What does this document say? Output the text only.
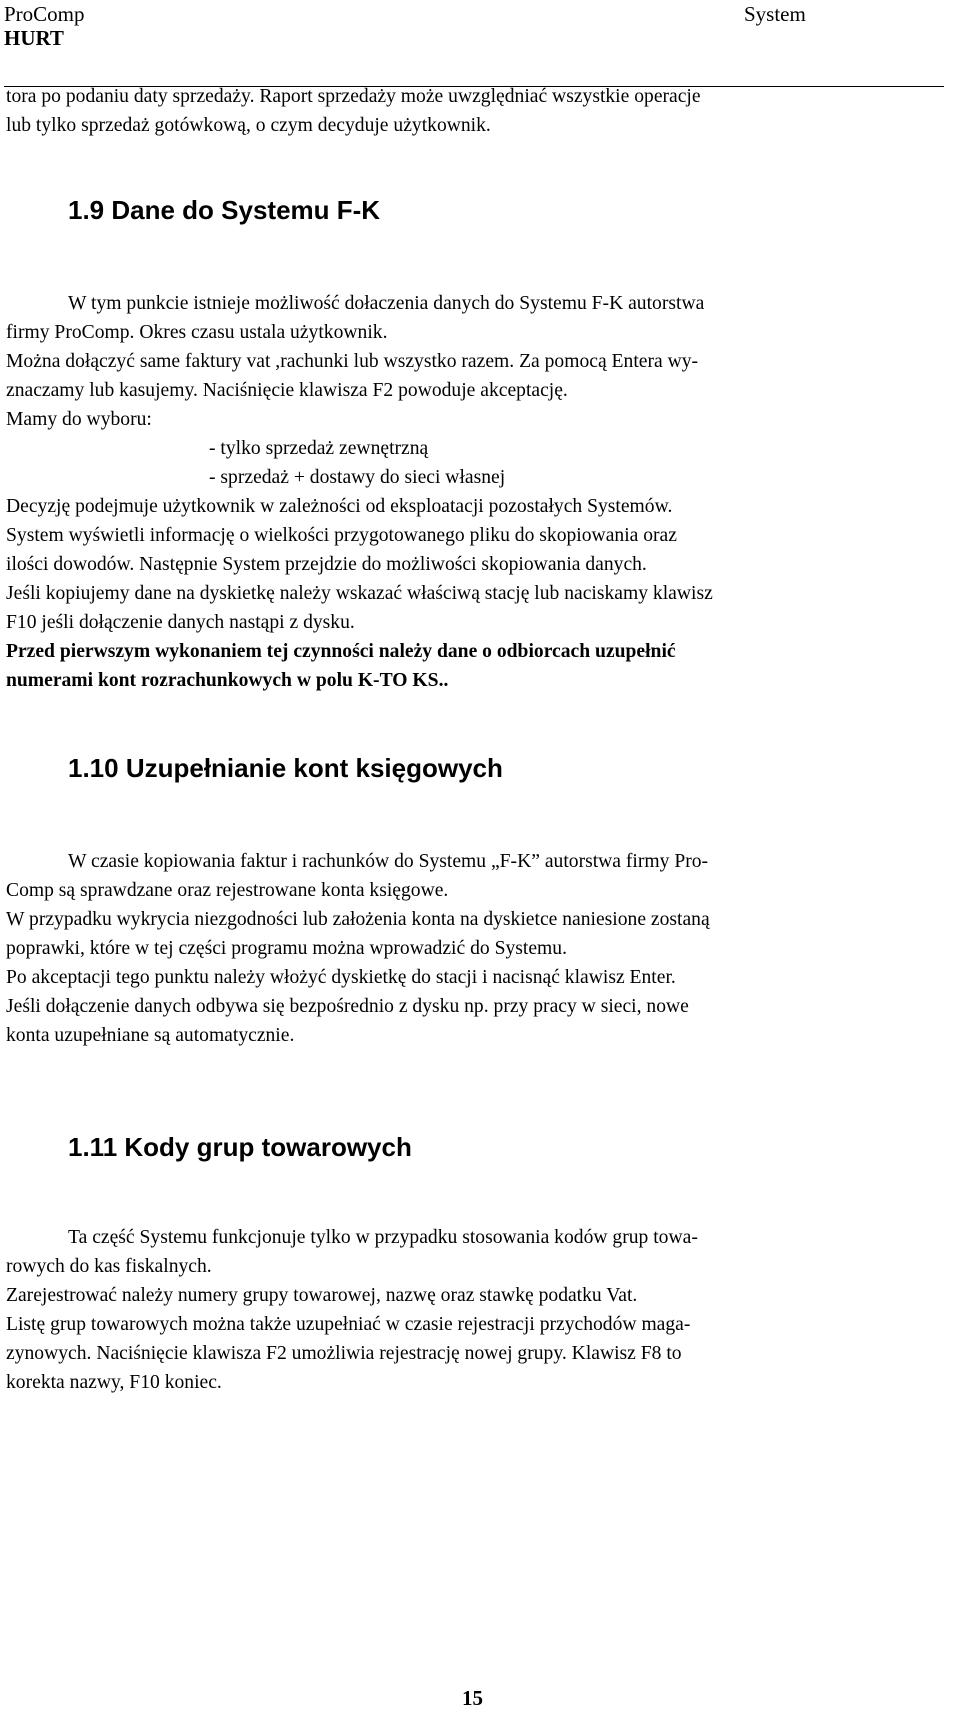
ProComp
HURT
System

tora po podaniu daty sprzedaży. Raport sprzedaży może uwzględniać wszystkie operacje

lub tylko sprzedaż gotówkową, o czym decyduje użytkownik.

1.9 Dane do Systemu F-K

W tym punkcie istnieje możliwość dołaczenia danych do Systemu F-K autorstwa

firmy ProComp. Okres czasu ustala użytkownik.

Można dołączyć same faktury vat ,rachunki lub wszystko razem. Za pomocą Entera wy-

znaczamy lub kasujemy. Naciśnięcie klawisza F2 powoduje akceptację.

Mamy do wyboru:

- tylko sprzedaż zewnętrzną

- sprzedaż + dostawy do sieci własnej

Decyzję podejmuje użytkownik w zależności od eksploatacji pozostałych Systemów.

System wyświetli informację o wielkości przygotowanego pliku do skopiowania oraz

ilości dowodów. Następnie System przejdzie do możliwości skopiowania danych.

Jeśli kopiujemy dane na dyskietkę należy wskazać właściwą stację lub naciskamy klawisz

F10 jeśli dołączenie danych nastąpi z dysku.

Przed pierwszym wykonaniem tej czynności należy dane o odbiorcach uzupełnić

numerami kont rozrachunkowych w polu K-TO KS..

1.10 Uzupełnianie kont księgowych

W czasie kopiowania faktur i rachunków do Systemu „F-K” autorstwa firmy Pro-

Comp są sprawdzane oraz rejestrowane konta księgowe.

W przypadku wykrycia niezgodności lub założenia konta na dyskietce naniesione zostaną

poprawki, które w tej części programu można wprowadzić do Systemu.

Po akceptacji tego punktu należy włożyć dyskietkę do stacji i nacisnąć klawisz Enter.

Jeśli dołączenie danych odbywa się bezpośrednio z dysku np. przy pracy w sieci, nowe

konta uzupełniane są automatycznie.

1.11 Kody grup towarowych

Ta część Systemu funkcjonuje tylko w przypadku stosowania kodów grup towa-

rowych do kas fiskalnych.

Zarejestrować należy numery grupy towarowej, nazwę oraz stawkę podatku Vat.

Listę grup towarowych można także uzupełniać w czasie rejestracji przychodów maga-

zynowych. Naciśnięcie klawisza F2 umożliwia rejestrację nowej grupy. Klawisz F8 to

korekta nazwy, F10 koniec.

15
